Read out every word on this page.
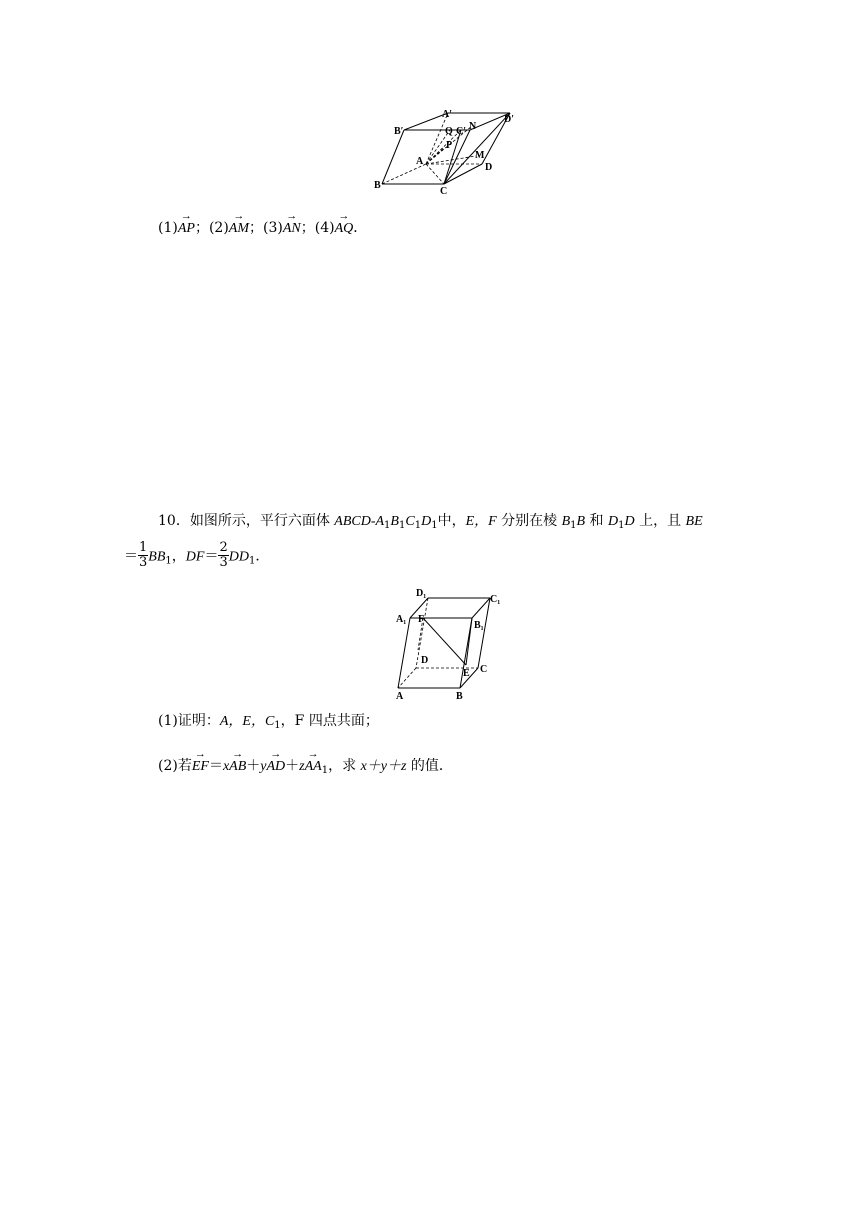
A′
B′	Q C′ N
D′
P
M
A
D
B
C
(1)→ AP；(2)→ AM；(3)→ AN；(4)→ AQ．
10．如图所示，平行六面体 ABCD-$A_1B_1C_1D_1$中，E，F 分别在棱 $B_1B$ 和 $D_1D$ 上，且 BE
＝ $\frac{1}{3} BB_1$，$DF= \frac{2}{3} DD_1$．
D₁
C₁
A₁ F
B₁
D
E C
A	B
(1)证明：A，E，$C_1$，F 四点共面；
(2)若→ $EF=x\to AB+y\to AD+z\to AA_1$，求 x＋y＋z 的值．
